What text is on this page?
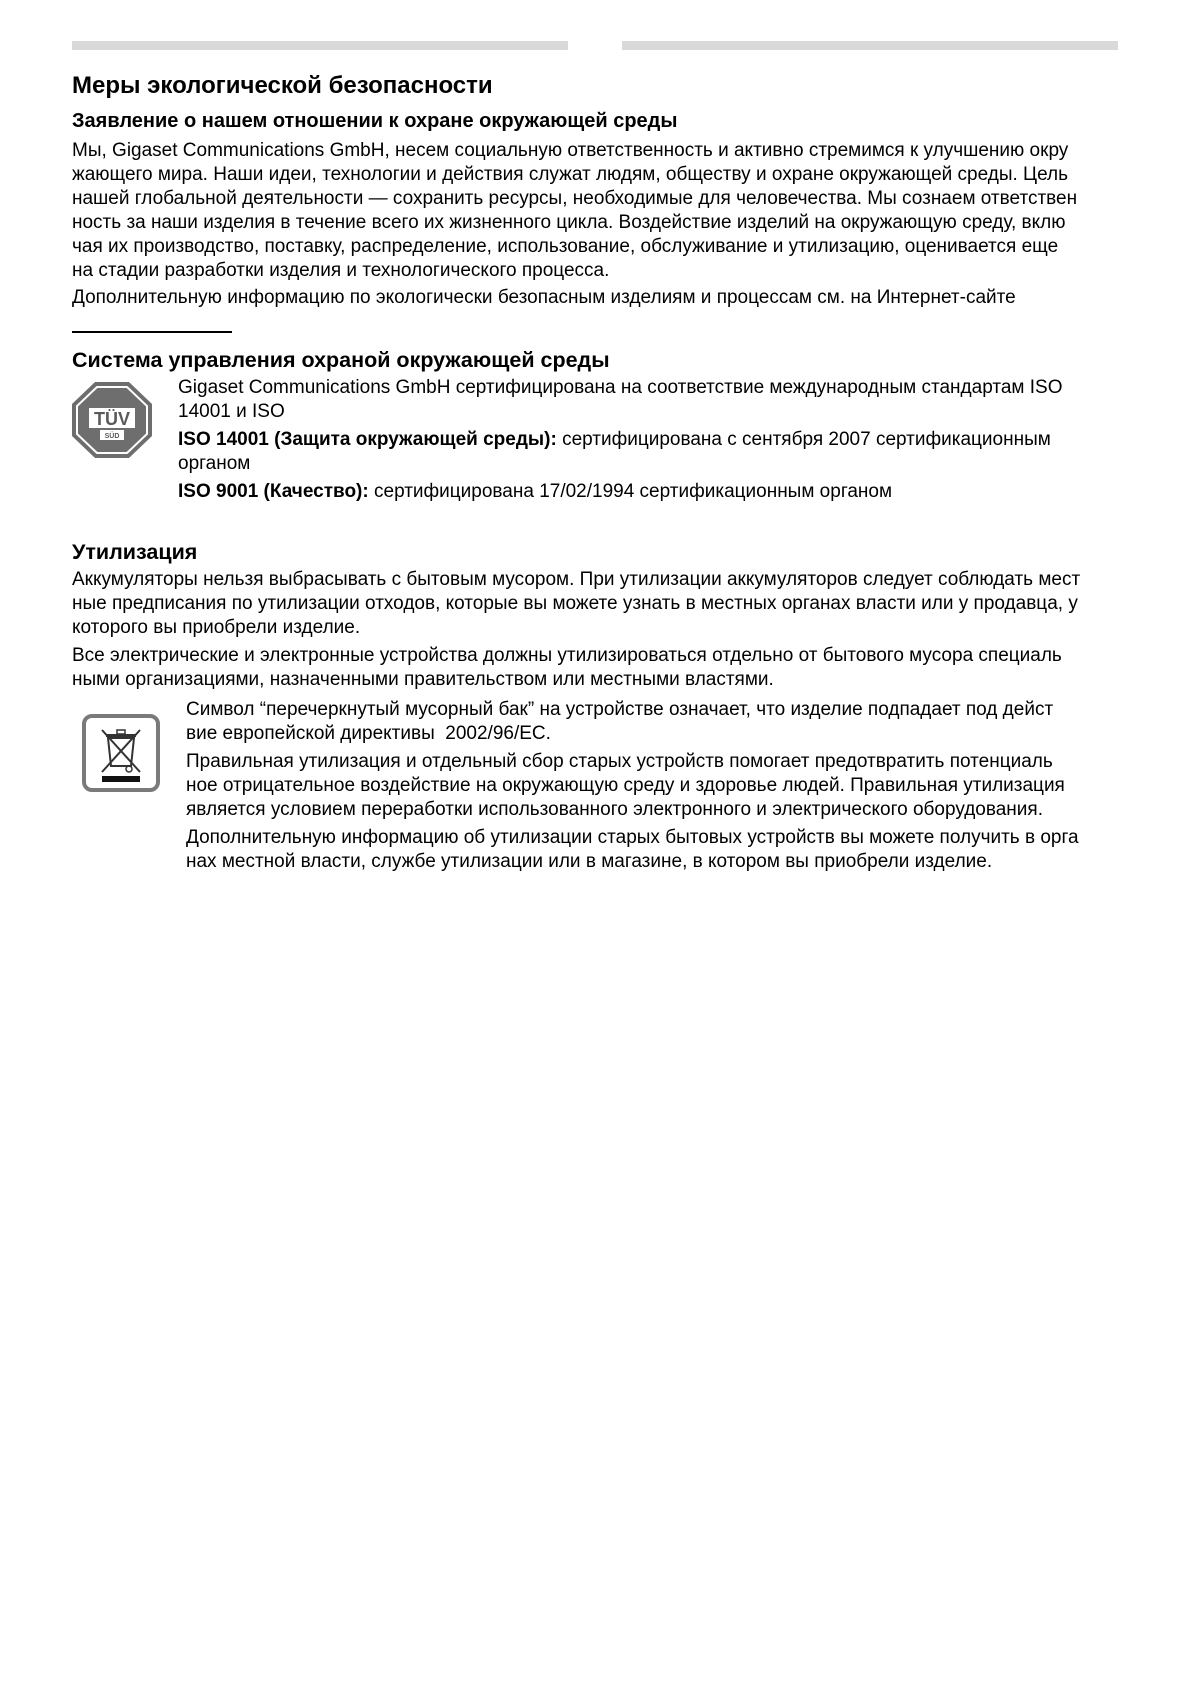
Меры экологической безопасности
Заявление о нашем отношении к охране окружающей среды
Мы, Gigaset Communications GmbH, несем социальную ответственность и активно стремимся к улучшению окру
жающего мира. Наши идеи, технологии и действия служат людям, обществу и охране окружающей среды. Цель
нашей глобальной деятельности — сохранить ресурсы, необходимые для человечества. Мы сознаем ответствен
ность за наши изделия в течение всего их жизненного цикла. Воздействие изделий на окружающую среду, вклю
чая их производство, поставку, распределение, использование, обслуживание и утилизацию, оценивается еще
на стадии разработки изделия и технологического процесса.
Дополнительную информацию по экологически безопасным изделиям и процессам см. на Интернет-сайте
Система управления охраной окружающей среды
TÜV
SÜD
Gigaset Communications GmbH сертифицирована на соответствие международным стандартам ISO
14001 и ISO
ISO 14001 (Защита окружающей среды): сертифицирована с сентября 2007 сертификационным
органом
ISO 9001 (Качество): сертифицирована 17/02/1994 сертификационным органом
Утилизация
Аккумуляторы нельзя выбрасывать с бытовым мусором. При утилизации аккумуляторов следует соблюдать мест
ные предписания по утилизации отходов, которые вы можете узнать в местных органах власти или у продавца, у
которого вы приобрели изделие.
Все электрические и электронные устройства должны утилизироваться отдельно от бытового мусора специаль
ными организациями, назначенными правительством или местными властями.
Символ “перечеркнутый мусорный бак” на устройстве означает, что изделие подпадает под дейст
вие европейской директивы  2002/96/EC.
Правильная утилизация и отдельный сбор старых устройств помогает предотвратить потенциаль
ное отрицательное воздействие на окружающую среду и здоровье людей. Правильная утилизация
является условием переработки использованного электронного и электрического оборудования.
Дополнительную информацию об утилизации старых бытовых устройств вы можете получить в орга
нах местной власти, службе утилизации или в магазине, в котором вы приобрели изделие.
